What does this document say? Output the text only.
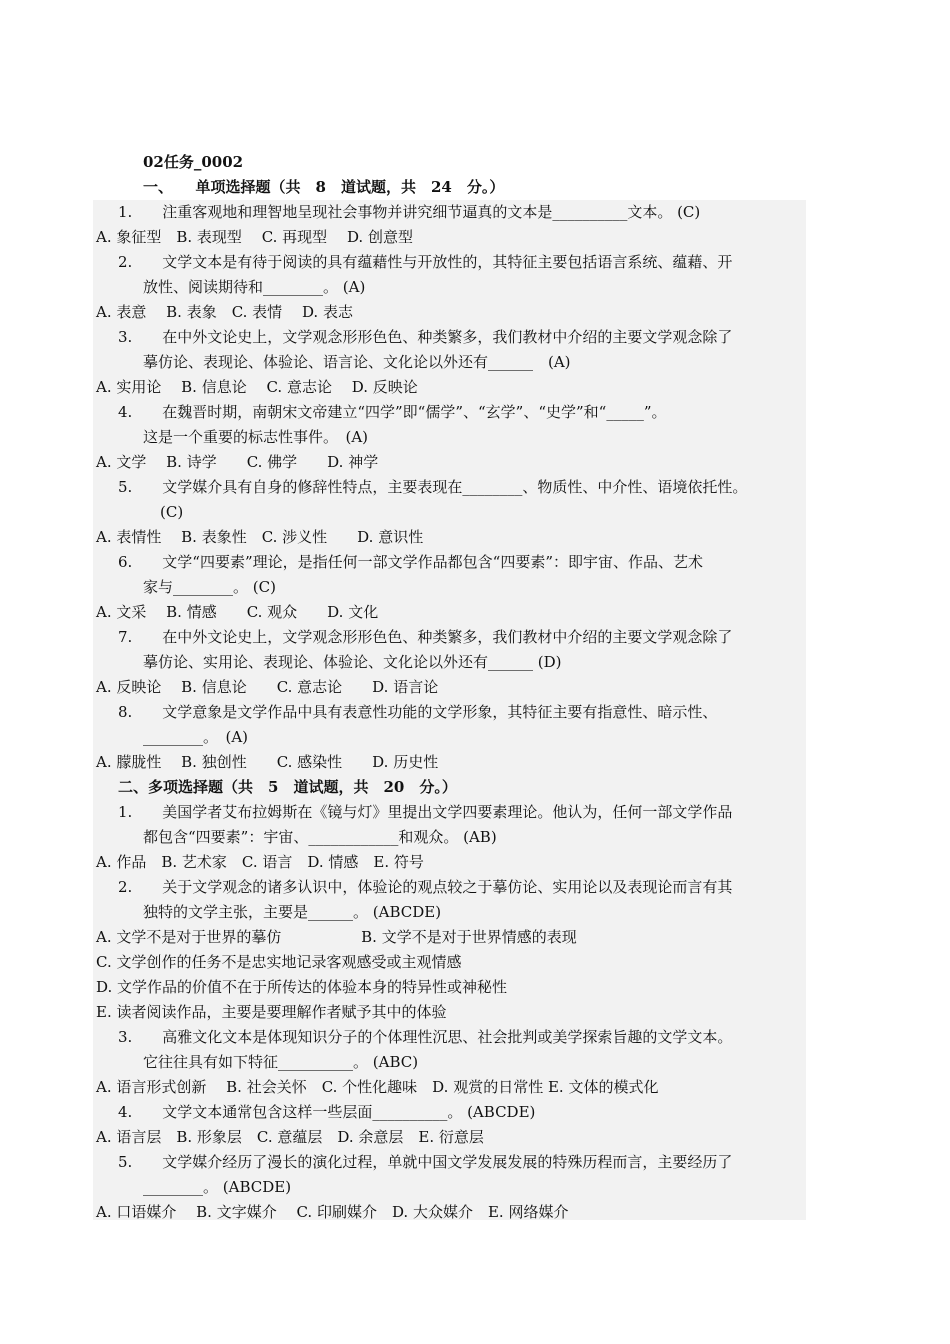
02任务_0002
一、　　单项选择题（共　8　道试题，共　24　分。）
1.　　注重客观地和理智地呈现社会事物并讲究细节逼真的文本是__________文本。 (C)
A. 象征型　B. 表现型　 C. 再现型　 D. 创意型
2.　　文学文本是有待于阅读的具有蕴藉性与开放性的，其特征主要包括语言系统、蕴藉、开
放性、阅读期待和________。 (A)
A. 表意　 B. 表象　C. 表情　 D. 表志
3.　　在中外文论史上，文学观念形形色色、种类繁多，我们教材中介绍的主要文学观念除了
摹仿论、表现论、体验论、语言论、文化论以外还有______　(A)
A. 实用论　 B. 信息论　 C. 意志论　 D. 反映论
4.　　在魏晋时期，南朝宋文帝建立“四学”即“儒学”、“玄学”、“史学”和“_____”。
这是一个重要的标志性事件。　(A)
A. 文学　 B. 诗学　　C. 佛学　　D. 神学
5.　　文学媒介具有自身的修辞性特点，主要表现在________、物质性、中介性、语境依托性。
(C)
A. 表情性　 B. 表象性　C. 涉义性　　D. 意识性
6.　　文学“四要素”理论，是指任何一部文学作品都包含“四要素”：即宇宙、作品、艺术
家与________。 (C)
A. 文采　 B. 情感　　C. 观众　　D. 文化
7.　　在中外文论史上，文学观念形形色色、种类繁多，我们教材中介绍的主要文学观念除了
摹仿论、实用论、表现论、体验论、文化论以外还有______ (D)
A. 反映论　 B. 信息论　　C. 意志论　　D. 语言论
8.　　文学意象是文学作品中具有表意性功能的文学形象，其特征主要有指意性、暗示性、
________。　(A)
A. 朦胧性　 B. 独创性　　C. 感染性　　D. 历史性
二、多项选择题（共　5　道试题，共　20　分。）
1.　　美国学者艾布拉姆斯在《镜与灯》里提出文学四要素理论。他认为，任何一部文学作品
都包含“四要素”：宇宙、____________和观众。 (AB)
A. 作品　B. 艺术家　C. 语言　D. 情感　E. 符号
2.　　关于文学观念的诸多认识中，体验论的观点较之于摹仿论、实用论以及表现论而言有其
独特的文学主张，主要是______。 (ABCDE)
A. 文学不是对于世界的摹仿　　　　　 B. 文学不是对于世界情感的表现
C. 文学创作的任务不是忠实地记录客观感受或主观情感
D. 文学作品的价值不在于所传达的体验本身的特异性或神秘性
E. 读者阅读作品，主要是要理解作者赋予其中的体验
3.　　高雅文化文本是体现知识分子的个体理性沉思、社会批判或美学探索旨趣的文学文本。
它往往具有如下特征__________。 (ABC)
A. 语言形式创新　 B. 社会关怀　C. 个性化趣味　D. 观赏的日常性 E. 文体的模式化
4.　　文学文本通常包含这样一些层面__________。 (ABCDE)
A. 语言层　B. 形象层　C. 意蕴层　D. 余意层　E. 衍意层
5.　　文学媒介经历了漫长的演化过程，单就中国文学发展发展的特殊历程而言，主要经历了
________。 (ABCDE)
A. 口语媒介　 B. 文字媒介　 C. 印刷媒介　D. 大众媒介　E. 网络媒介
